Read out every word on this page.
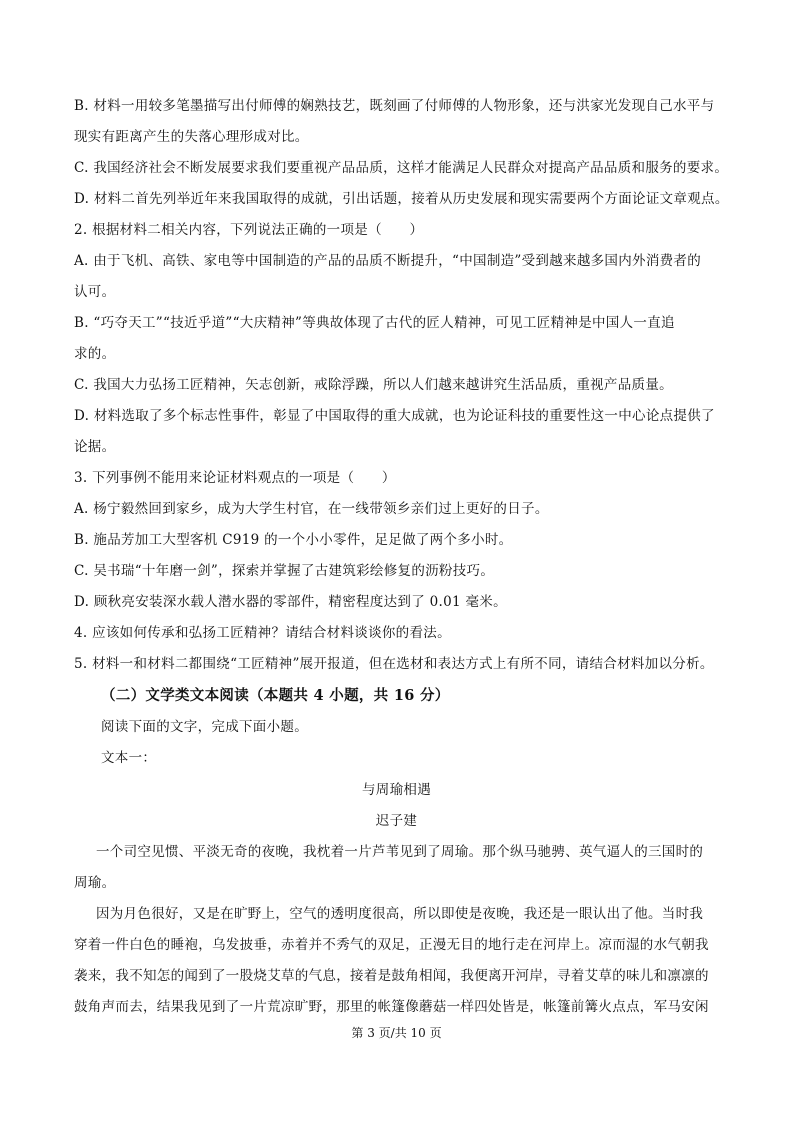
B. 材料一用较多笔墨描写出付师傅的娴熟技艺，既刻画了付师傅的人物形象，还与洪家光发现自己水平与
现实有距离产生的失落心理形成对比。
C. 我国经济社会不断发展要求我们要重视产品品质，这样才能满足人民群众对提高产品品质和服务的要求。
D. 材料二首先列举近年来我国取得的成就，引出话题，接着从历史发展和现实需要两个方面论证文章观点。
2. 根据材料二相关内容，下列说法正确的一项是（　　）
A. 由于飞机、高铁、家电等中国制造的产品的品质不断提升，“中国制造”受到越来越多国内外消费者的
认可。
B. “巧夺天工”“技近乎道”“大庆精神”等典故体现了古代的匠人精神，可见工匠精神是中国人一直追
求的。
C. 我国大力弘扬工匠精神，矢志创新，戒除浮躁，所以人们越来越讲究生活品质，重视产品质量。
D. 材料选取了多个标志性事件，彰显了中国取得的重大成就，也为论证科技的重要性这一中心论点提供了
论据。
3. 下列事例不能用来论证材料观点的一项是（　　）
A. 杨宁毅然回到家乡，成为大学生村官，在一线带领乡亲们过上更好的日子。
B. 施品芳加工大型客机 C919 的一个小小零件，足足做了两个多小时。
C. 吴书瑞“十年磨一剑”，探索并掌握了古建筑彩绘修复的沥粉技巧。
D. 顾秋亮安装深水载人潜水器的零部件，精密程度达到了 0.01 毫米。
4. 应该如何传承和弘扬工匠精神？请结合材料谈谈你的看法。
5. 材料一和材料二都围绕“工匠精神”展开报道，但在选材和表达方式上有所不同，请结合材料加以分析。
（二）文学类文本阅读（本题共 4 小题，共 16 分）
阅读下面的文字，完成下面小题。
文本一：
与周瑜相遇
迟子建
一个司空见惯、平淡无奇的夜晚，我枕着一片芦苇见到了周瑜。那个纵马驰骋、英气逼人的三国时的
周瑜。
因为月色很好，又是在旷野上，空气的透明度很高，所以即使是夜晚，我还是一眼认出了他。当时我
穿着一件白色的睡袍，乌发披垂，赤着并不秀气的双足，正漫无目的地行走在河岸上。凉而湿的水气朝我
袭来，我不知怎的闻到了一股烧艾草的气息，接着是鼓角相闻，我便离开河岸，寻着艾草的味儿和凛凛的
鼓角声而去，结果我见到了一片荒凉旷野，那里的帐篷像蘑菇一样四处皆是，帐篷前篝火点点，军马安闲
第 3 页/共 10 页
